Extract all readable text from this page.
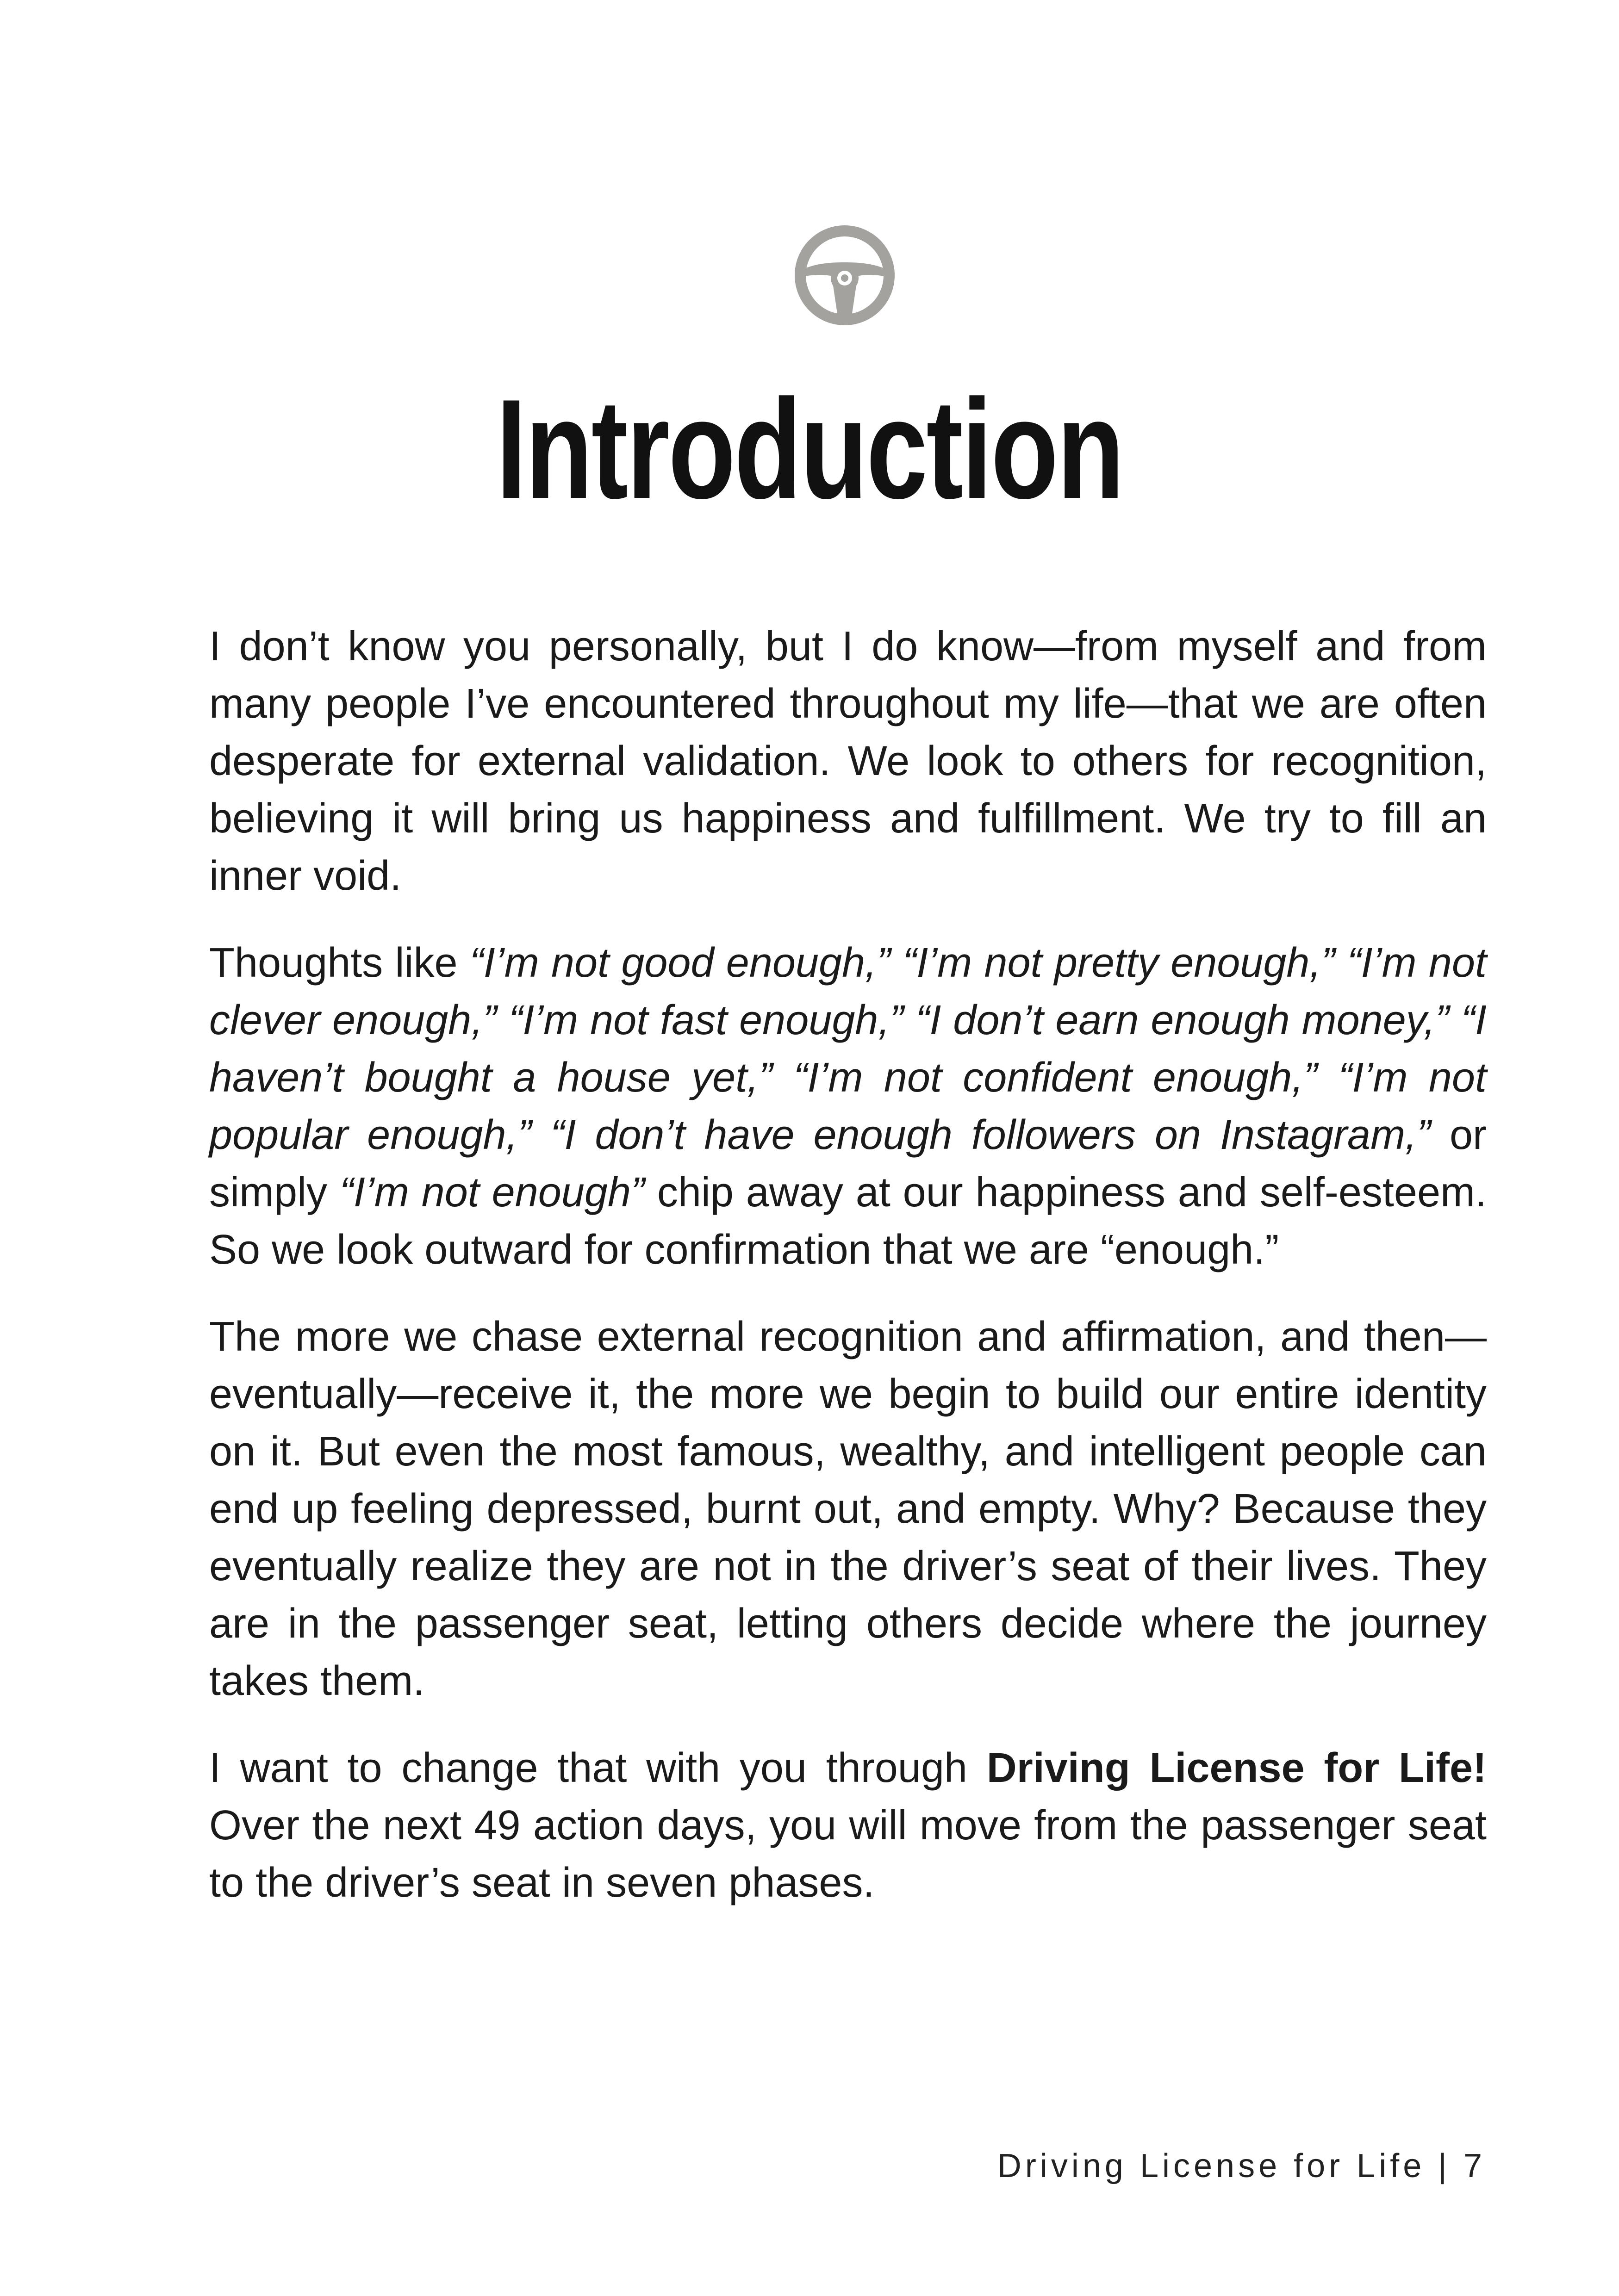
Introduction

I don’t know you personally, but I do know—from myself and from many people I’ve encountered throughout my life—that we are often desperate for external validation. We look to others for recognition, believing it will bring us happiness and fulfillment. We try to fill an inner void.

Thoughts like “I’m not good enough,” “I’m not pretty enough,” “I’m not clever enough,” “I’m not fast enough,” “I don’t earn enough money,” “I haven’t bought a house yet,” “I’m not confident enough,” “I’m not popular enough,” “I don’t have enough followers on Instagram,” or simply “I’m not enough” chip away at our happiness and self-esteem. So we look outward for confirmation that we are “enough.”

The more we chase external recognition and affirmation, and then—eventually—receive it, the more we begin to build our entire identity on it. But even the most famous, wealthy, and intelligent people can end up feeling depressed, burnt out, and empty. Why? Because they eventually realize they are not in the driver’s seat of their lives. They are in the passenger seat, letting others decide where the journey takes them.

I want to change that with you through Driving License for Life! Over the next 49 action days, you will move from the passenger seat to the driver’s seat in seven phases.

Driving License for Life | 7
